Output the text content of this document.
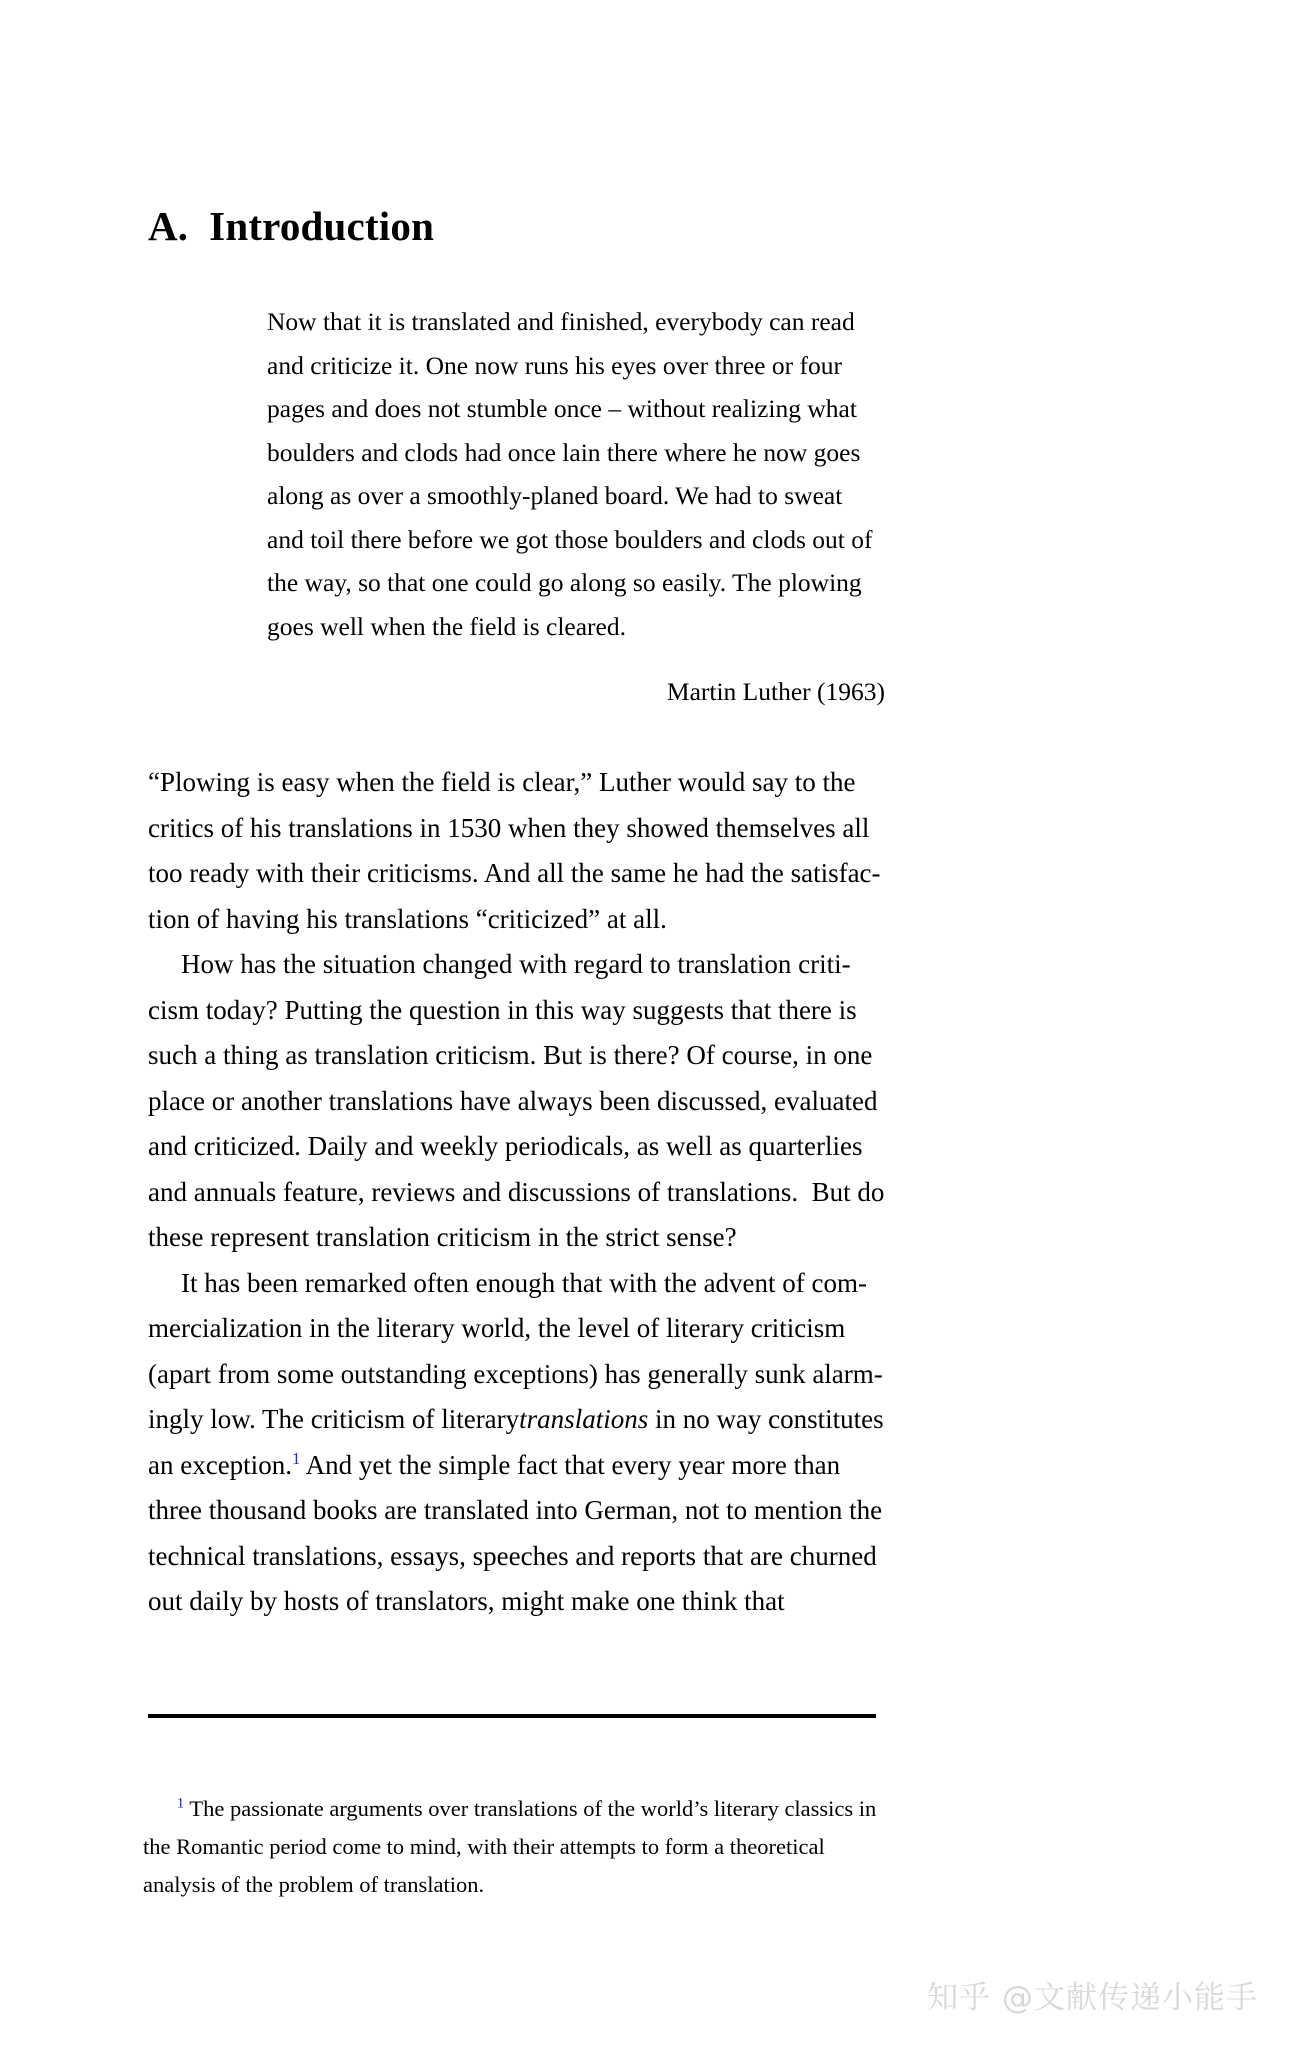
A.  Introduction

Now that it is translated and finished, everybody can read and criticize it. One now runs his eyes over three or four pages and does not stumble once – without realizing what boulders and clods had once lain there where he now goes along as over a smoothly-planed board. We had to sweat and toil there before we got those boulders and clods out of the way, so that one could go along so easily. The plowing goes well when the field is cleared.

Martin Luther (1963)

“Plowing is easy when the field is clear,” Luther would say to the critics of his translations in 1530 when they showed themselves all too ready with their criticisms. And all the same he had the satisfac-tion of having his translations “criticized” at all.

How has the situation changed with regard to translation criti-cism today? Putting the question in this way suggests that there is such a thing as translation criticism. But is there? Of course, in one place or another translations have always been discussed, evaluated and criticized. Daily and weekly periodicals, as well as quarterlies and annuals feature, reviews and discussions of translations.  But do these represent translation criticism in the strict sense?

It has been remarked often enough that with the advent of com-mercialization in the literary world, the level of literary criticism (apart from some outstanding exceptions) has generally sunk alarm-ingly low. The criticism of literarytranslations in no way constitutes an exception.$^1$ And yet the simple fact that every year more than three thousand books are translated into German, not to mention the technical translations, essays, speeches and reports that are churned out daily by hosts of translators, might make one think that

$^1$ The passionate arguments over translations of the world’s literary classics in the Romantic period come to mind, with their attempts to form a theoretical analysis of the problem of translation.

知乎 @文献传递小能手
